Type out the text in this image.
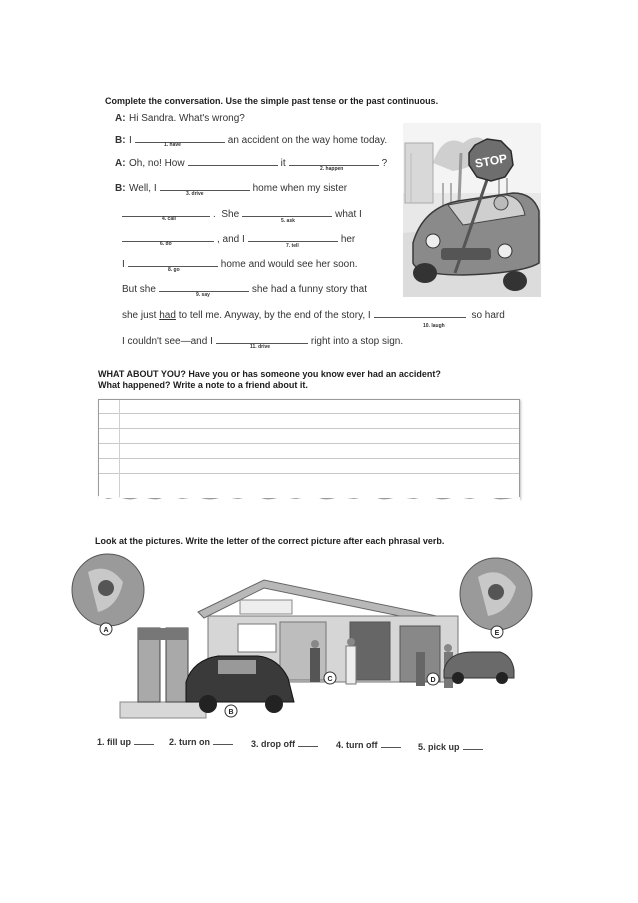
Complete the conversation. Use the simple past tense or the past continuous.
A: Hi Sandra. What's wrong?
B: I	an accident on the way home today.
1. have
A: Oh, no! How	it	?
2. happen
B: Well, I	home when my sister
3. drive
. She	what I
4. call	5. ask
, and I	her
6. do	7. tell
I	home and would see her soon.
8. go
But she	she had a funny story that
9. say
she just had to tell me. Anyway, by the end of the story, I	so hard
10. laugh
I couldn't see—and I	right into a stop sign.
11. drive
STOP
WHAT ABOUT YOU? Have you or has someone you know ever had an accident?
What happened? Write a note to a friend about it.
Look at the pictures. Write the letter of the correct picture after each phrasal verb.
A
B
C	D
E
1. fill up	2. turn on	3. drop off	4. turn off	5. pick up
